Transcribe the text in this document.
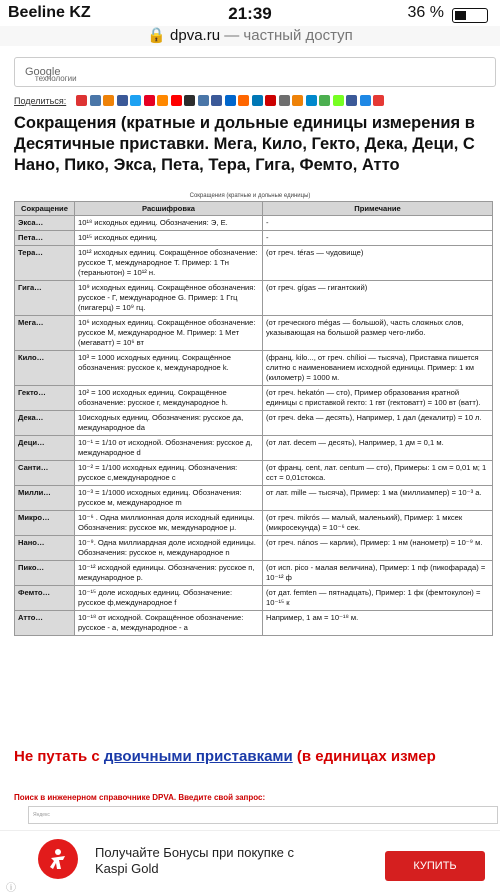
Beeline KZ	21:39	36 %
🔒 dpva.ru — частный доступ
технологии
Google
Поделиться:
Сокращения (кратные и дольные единицы измерения в Десятичные приставки. Мега, Кило, Гекто, Дека, Деци, С Нано, Пико, Экса, Пета, Тера, Гига, Фемто, Атто
Сокращения (кратные и дольные единицы)
Сокращение	Расшифровка	Примечание
Экса…	10¹⁸ исходных единиц. Обозначения: Э, Е.	-
Пета…	10¹⁵ исходных единиц.	-
Тера…	10¹² исходных единиц. Сокращённое обозначение: русское Т, международное T. Пример: 1 Тн (тераньютон) = 10¹² н.	(от греч. téras — чудовище)
Гига…	10⁹ исходных единиц. Сокращённое обозначения: русское - Г, международное G. Пример: 1 Ггц (пигагерц) = 10⁹ гц.	(от греч. gígas — гигантский)
Мега…	10⁶ исходных единиц. Сокращённое обозначение: русское М, международное M. Пример: 1 Мет (мегаватт) = 10⁶ вт	(от греческого mégas — большой), часть сложных слов, указывающая на большой размер чего-либо.
Кило…	10³ = 1000 исходных единиц. Сокращённое обозначения: русское к, международное k.	(франц. kilo..., от греч. chílioi — тысяча), Приставка пишется слитно с наименованием исходной единицы. Пример: 1 км (километр) = 1000 м.
Гекто…	10² = 100 исходных единиц. Сокращённое обозначение: русское г, международное h.	(от греч. hekatón — сто), Пример образования кратной единицы с приставкой гекто: 1 гвт (гектоватт) = 100 вт (ватт).
Дека…	10исходных единиц. Обозначения: русское да, международное da	(от греч. deka — десять), Например, 1 дал (декалитр) = 10 л.
Деци…	10⁻¹ = 1/10 от исходной. Обозначения: русское д, международное d	(от лат. decem — десять), Например, 1 дм = 0,1 м.
Санти…	10⁻² = 1/100 исходных единиц. Обозначения: русское с,международное c	(от франц. cent, лат. centum — сто), Примеры: 1 см = 0,01 м; 1 сст = 0,01стокса.
Милли…	10⁻³ = 1/1000 исходных единиц. Обозначения: русское м, международное m	от лат. mille — тысяча), Пример: 1 ма (миллиампер) = 10⁻³ а.
Микро…	10⁻⁶ . Одна миллионная доля исходный единицы. Обозначения: русское мк, международное μ.	(от греч. mikrós — малый, маленький), Пример: 1 мксек (микросекунда) = 10⁻⁶ сек.
Нано…	10⁻⁹. Одна миллиардная доле исходной единицы. Обозначения: русское н, международное n	(от греч. nános — карлик), Пример: 1 нм (нанометр) = 10⁻⁹ м.
Пико…	10⁻¹² исходной единицы. Обозначения: русское п, международное p.	(от исп. pico - малая величина), Пример: 1 пф (пикофарада) = 10⁻¹² ф
Фемто…	10⁻¹⁵ доле исходных единиц. Обозначение: русское ф,международное f	(от дат. femten — пятнадцать), Пример: 1 фк (фемтокулон) = 10⁻¹⁵ к
Атто…	10⁻¹⁸ от исходной. Сокращённое обозначение: русское - а, международное - a	Например, 1 ам = 10⁻¹⁸ м.
Не путать с двоичными приставками (в единицах измер
Поиск в инженерном справочнике DPVA. Введите свой запрос:
Яндекс
Получайте Бонусы при покупке с
Kaspi Gold	КУПИТЬ
ⓘ
